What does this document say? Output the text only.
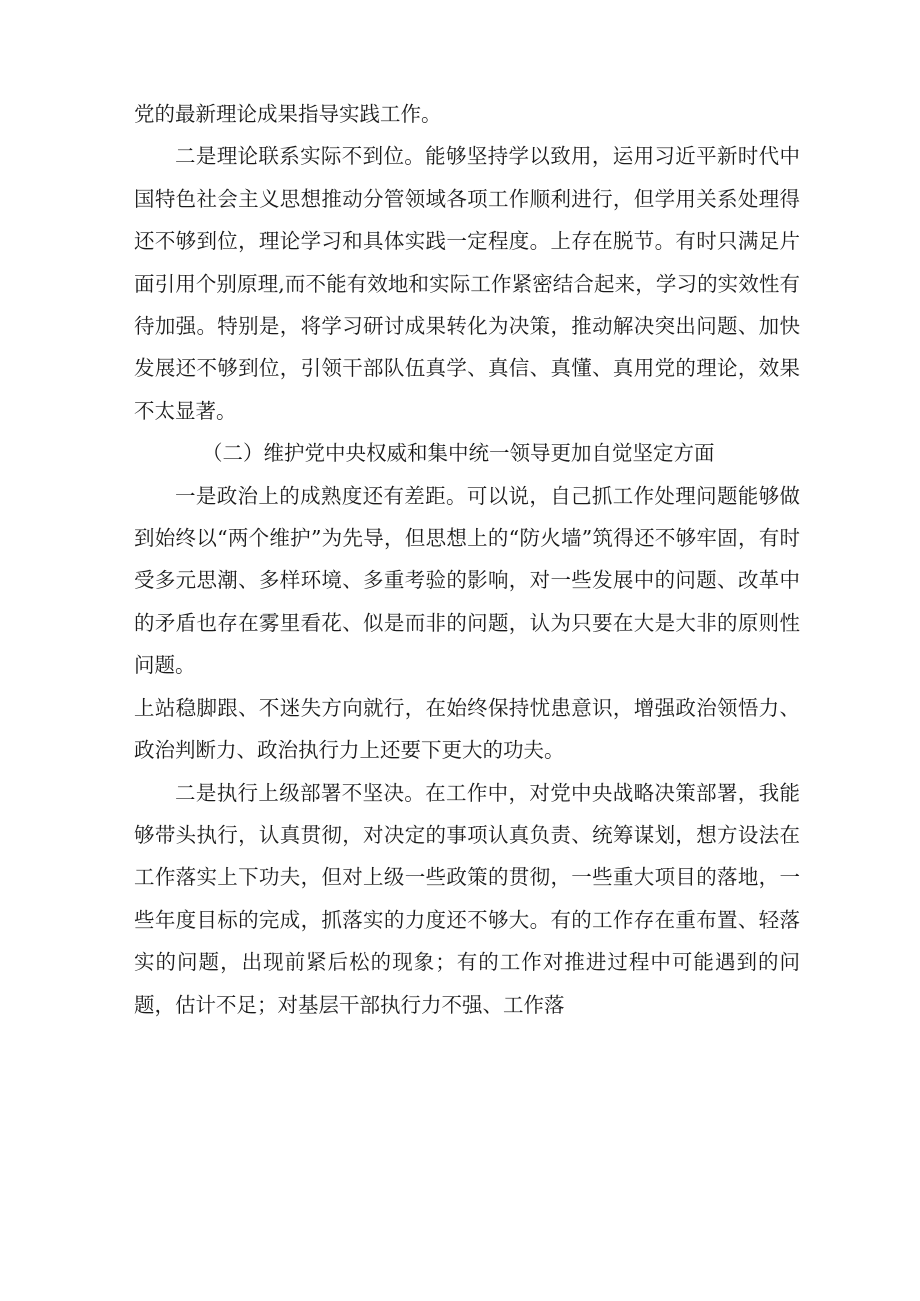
党的最新理论成果指导实践工作。

二是理论联系实际不到位。能够坚持学以致用，运用习近平新时代中国特色社会主义思想推动分管领域各项工作顺利进行，但学用关系处理得还不够到位，理论学习和具体实践一定程度。上存在脱节。有时只满足片面引用个别原理,而不能有效地和实际工作紧密结合起来，学习的实效性有待加强。特别是，将学习研讨成果转化为决策，推动解决突出问题、加快发展还不够到位，引领干部队伍真学、真信、真懂、真用党的理论，效果不太显著。

（二）维护党中央权威和集中统一领导更加自觉坚定方面

一是政治上的成熟度还有差距。可以说，自己抓工作处理问题能够做到始终以“两个维护”为先导，但思想上的“防火墙”筑得还不够牢固，有时受多元思潮、多样环境、多重考验的影响，对一些发展中的问题、改革中的矛盾也存在雾里看花、似是而非的问题，认为只要在大是大非的原则性问题。

上站稳脚跟、不迷失方向就行，在始终保持忧患意识，增强政治领悟力、政治判断力、政治执行力上还要下更大的功夫。

二是执行上级部署不坚决。在工作中，对党中央战略决策部署，我能够带头执行，认真贯彻，对决定的事项认真负责、统筹谋划，想方设法在工作落实上下功夫，但对上级一些政策的贯彻，一些重大项目的落地，一些年度目标的完成，抓落实的力度还不够大。有的工作存在重布置、轻落实的问题，出现前紧后松的现象；有的工作对推进过程中可能遇到的问题，估计不足；对基层干部执行力不强、工作落
